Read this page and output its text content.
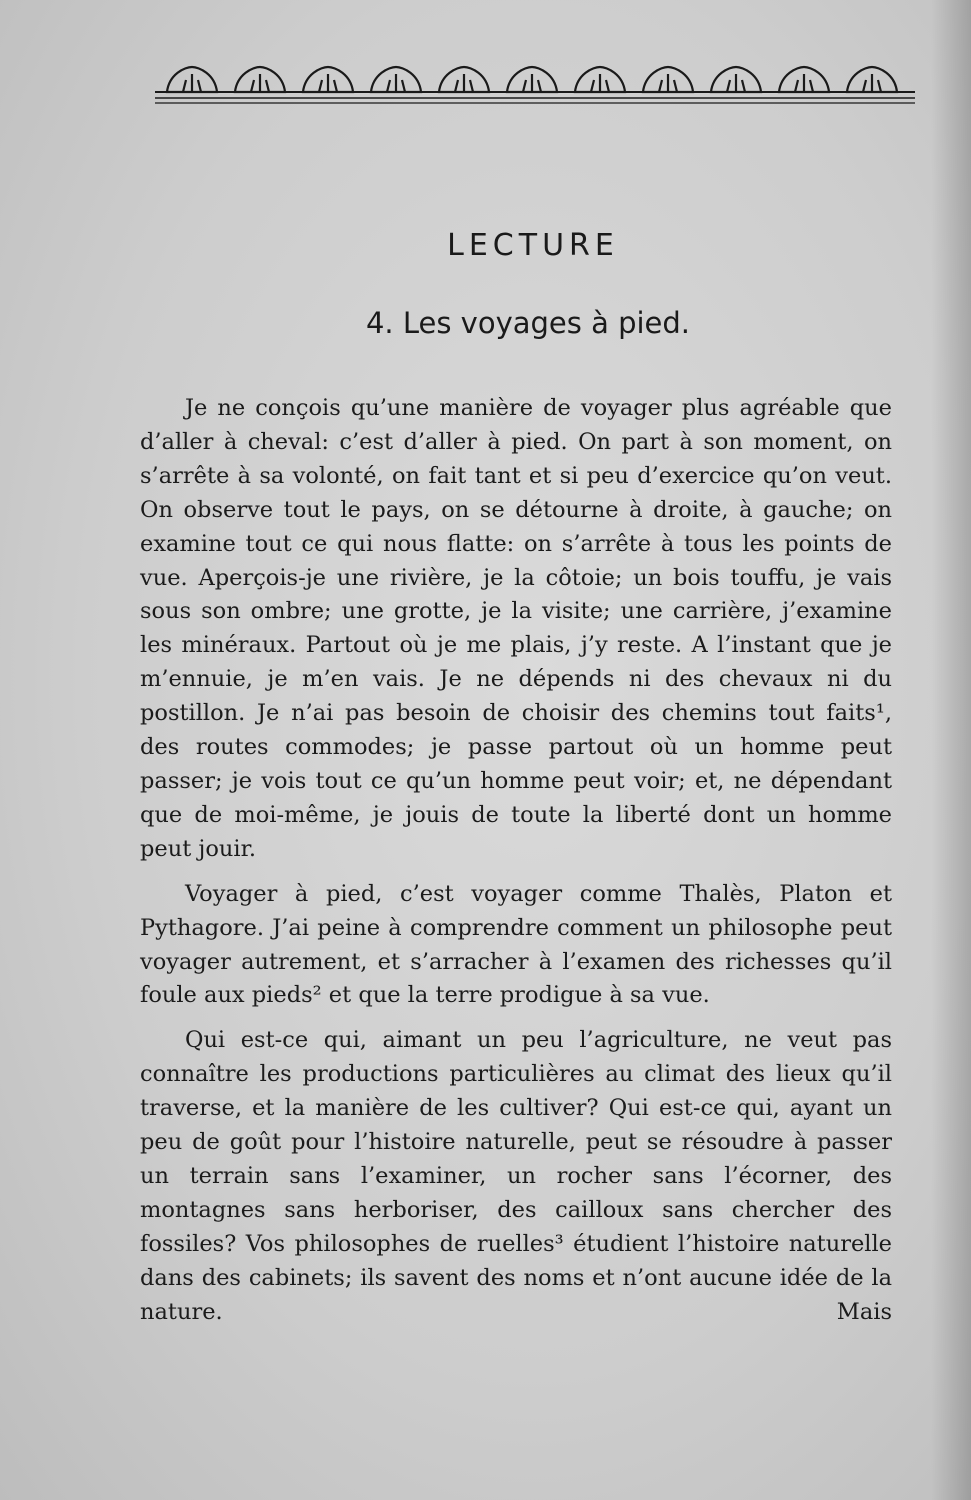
LECTURE
4. Les voyages à pied.

Je ne conçois qu’une manière de voyager plus agréable que d’aller à cheval: c’est d’aller à pied. On part à son moment, on s’arrête à sa volonté, on fait tant et si peu d’exercice qu’on veut. On observe tout le pays, on se détourne à droite, à gauche; on examine tout ce qui nous flatte: on s’arrête à tous les points de vue. Aperçois-je une rivière, je la côtoie; un bois touffu, je vais sous son ombre; une grotte, je la visite; une carrière, j’examine les minéraux. Partout où je me plais, j’y reste. A l’instant que je m’ennuie, je m’en vais. Je ne dépends ni des chevaux ni du postillon. Je n’ai pas besoin de choisir des chemins tout faits¹, des routes commodes; je passe partout où un homme peut passer; je vois tout ce qu’un homme peut voir; et, ne dépendant que de moi-même, je jouis de toute la liberté dont un homme peut jouir.

Voyager à pied, c’est voyager comme Thalès, Platon et Pythagore. J’ai peine à comprendre comment un philosophe peut voyager autrement, et s’arracher à l’examen des richesses qu’il foule aux pieds² et que la terre prodigue à sa vue.

Qui est-ce qui, aimant un peu l’agriculture, ne veut pas connaître les productions particulières au climat des lieux qu’il traverse, et la manière de les cultiver? Qui est-ce qui, ayant un peu de goût pour l’histoire naturelle, peut se résoudre à passer un terrain sans l’examiner, un rocher sans l’écorner, des montagnes sans herboriser, des cailloux sans chercher des fossiles? Vos philosophes de ruelles³ étudient l’histoire naturelle dans des cabinets; ils savent des noms et n’ont aucune idée de la nature. Mais
